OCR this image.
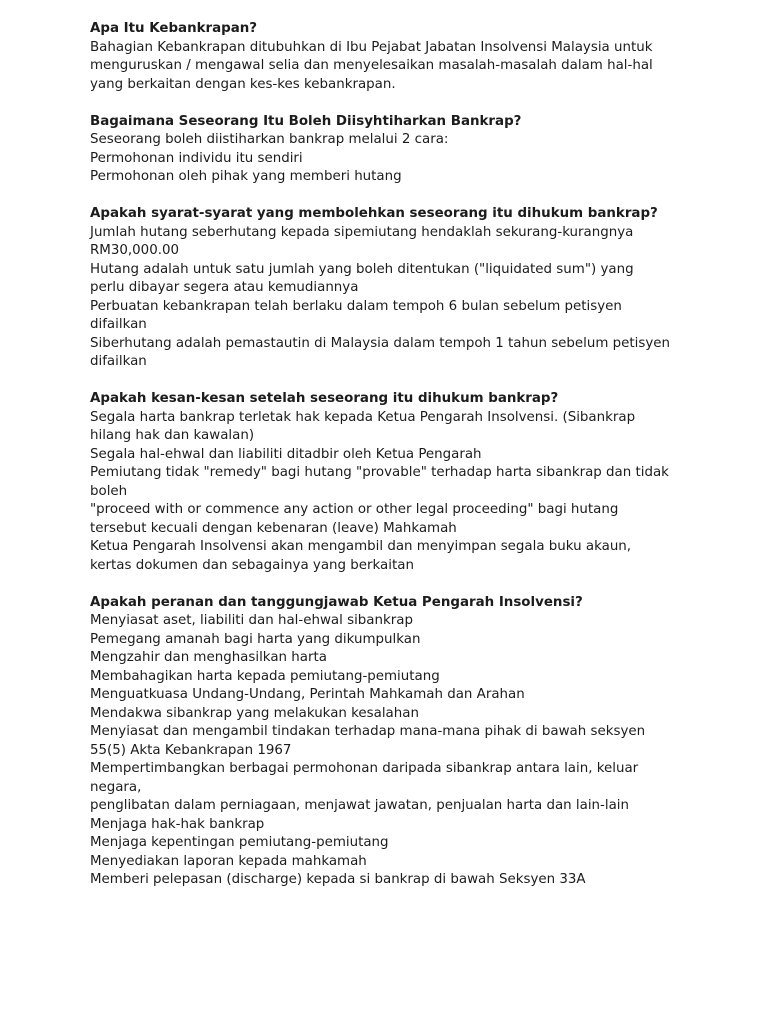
Apa Itu Kebankrapan?

Bahagian Kebankrapan ditubuhkan di Ibu Pejabat Jabatan Insolvensi Malaysia untuk

menguruskan / mengawal selia dan menyelesaikan masalah-masalah dalam hal-hal

yang berkaitan dengan kes-kes kebankrapan.

Bagaimana Seseorang Itu Boleh Diisyhtiharkan Bankrap?

Seseorang boleh diistiharkan bankrap melalui 2 cara:

Permohonan individu itu sendiri

Permohonan oleh pihak yang memberi hutang

Apakah syarat-syarat yang membolehkan seseorang itu dihukum bankrap?

Jumlah hutang seberhutang kepada sipemiutang hendaklah sekurang-kurangnya

RM30,000.00

Hutang adalah untuk satu jumlah yang boleh ditentukan ("liquidated sum") yang

perlu dibayar segera atau kemudiannya

Perbuatan kebankrapan telah berlaku dalam tempoh 6 bulan sebelum petisyen

difailkan

Siberhutang adalah pemastautin di Malaysia dalam tempoh 1 tahun sebelum petisyen

difailkan

Apakah kesan-kesan setelah seseorang itu dihukum bankrap?

Segala harta bankrap terletak hak kepada Ketua Pengarah Insolvensi. (Sibankrap

hilang hak dan kawalan)

Segala hal-ehwal dan liabiliti ditadbir oleh Ketua Pengarah

Pemiutang tidak "remedy" bagi hutang "provable" terhadap harta sibankrap dan tidak

boleh

"proceed with or commence any action or other legal proceeding" bagi hutang

tersebut kecuali dengan kebenaran (leave) Mahkamah

Ketua Pengarah Insolvensi akan mengambil dan menyimpan segala buku akaun,

kertas dokumen dan sebagainya yang berkaitan

Apakah peranan dan tanggungjawab Ketua Pengarah Insolvensi?

Menyiasat aset, liabiliti dan hal-ehwal sibankrap

Pemegang amanah bagi harta yang dikumpulkan

Mengzahir dan menghasilkan harta

Membahagikan harta kepada pemiutang-pemiutang

Menguatkuasa Undang-Undang, Perintah Mahkamah dan Arahan

Mendakwa sibankrap yang melakukan kesalahan

Menyiasat dan mengambil tindakan terhadap mana-mana pihak di bawah seksyen

55(5) Akta Kebankrapan 1967

Mempertimbangkan berbagai permohonan daripada sibankrap antara lain, keluar

negara,

penglibatan dalam perniagaan, menjawat jawatan, penjualan harta dan lain-lain

Menjaga hak-hak bankrap

Menjaga kepentingan pemiutang-pemiutang

Menyediakan laporan kepada mahkamah

Memberi pelepasan (discharge) kepada si bankrap di bawah Seksyen 33A
